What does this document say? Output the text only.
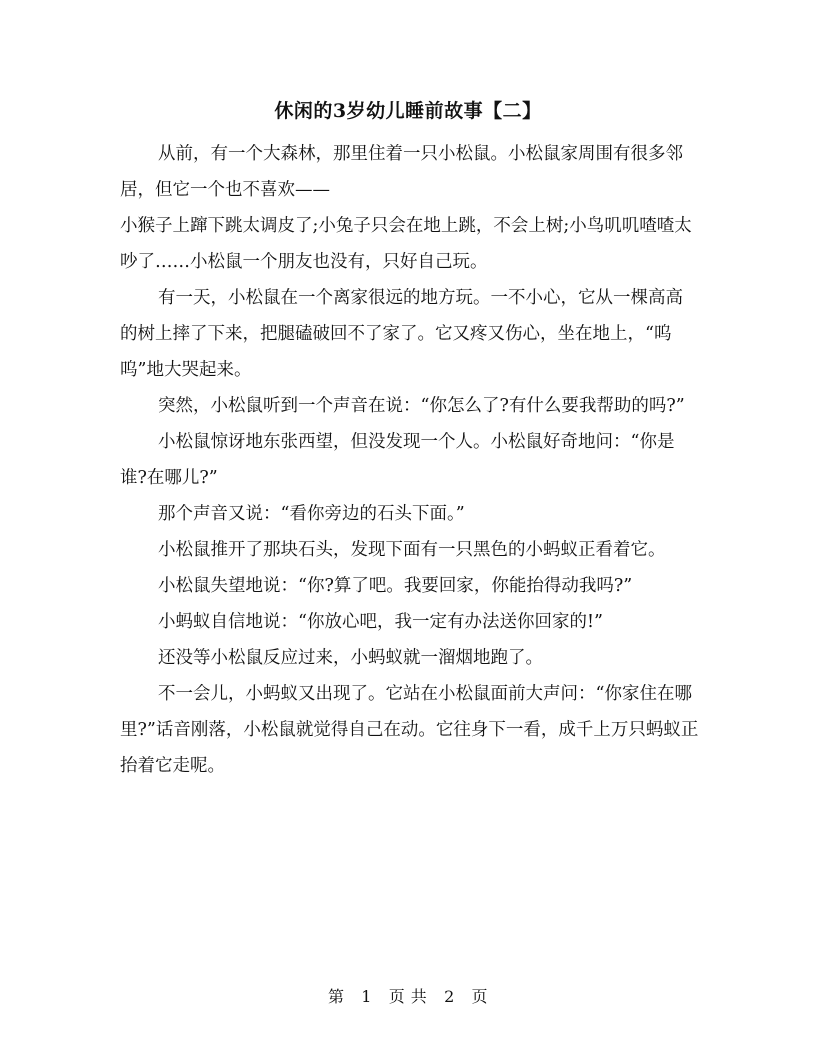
休闲的3岁幼儿睡前故事【二】

从前，有一个大森林，那里住着一只小松鼠。小松鼠家周围有很多邻居，但它一个也不喜欢——

小猴子上蹿下跳太调皮了;小兔子只会在地上跳，不会上树;小鸟叽叽喳喳太吵了……小松鼠一个朋友也没有，只好自己玩。

有一天，小松鼠在一个离家很远的地方玩。一不小心，它从一棵高高的树上摔了下来，把腿磕破回不了家了。它又疼又伤心，坐在地上，“呜呜”地大哭起来。

突然，小松鼠听到一个声音在说：“你怎么了?有什么要我帮助的吗?”

小松鼠惊讶地东张西望，但没发现一个人。小松鼠好奇地问：“你是谁?在哪儿?”

那个声音又说：“看你旁边的石头下面。”

小松鼠推开了那块石头，发现下面有一只黑色的小蚂蚁正看着它。

小松鼠失望地说：“你?算了吧。我要回家，你能抬得动我吗?”

小蚂蚁自信地说：“你放心吧，我一定有办法送你回家的!”

还没等小松鼠反应过来，小蚂蚁就一溜烟地跑了。

不一会儿，小蚂蚁又出现了。它站在小松鼠面前大声问：“你家住在哪里?”话音刚落，小松鼠就觉得自己在动。它往身下一看，成千上万只蚂蚁正抬着它走呢。

第 1 页 共 2 页
